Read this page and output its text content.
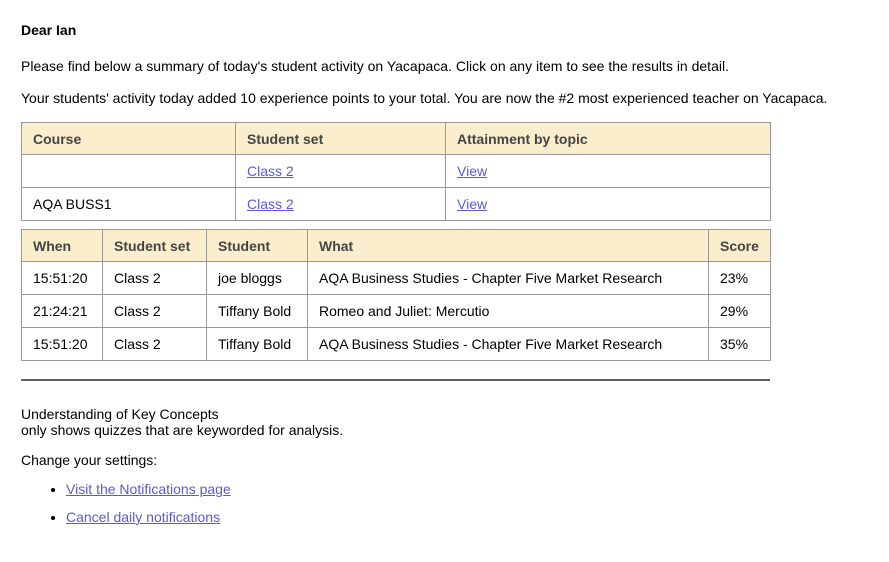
Dear Ian

Please find below a summary of today's student activity on Yacapaca. Click on any item to see the results in detail.

Your students' activity today added 10 experience points to your total. You are now the #2 most experienced teacher on Yacapaca.

Course	Student set	Attainment by topic
	Class 2	View
AQA BUSS1	Class 2	View
When	Student set	Student	What	Score
15:51:20	Class 2	joe bloggs	AQA Business Studies - Chapter Five Market Research	23%
21:24:21	Class 2	Tiffany Bold	Romeo and Juliet: Mercutio	29%
15:51:20	Class 2	Tiffany Bold	AQA Business Studies - Chapter Five Market Research	35%

Understanding of Key Concepts
only shows quizzes that are keyworded for analysis.

Change your settings:

• Visit the Notifications page
• Cancel daily notifications
